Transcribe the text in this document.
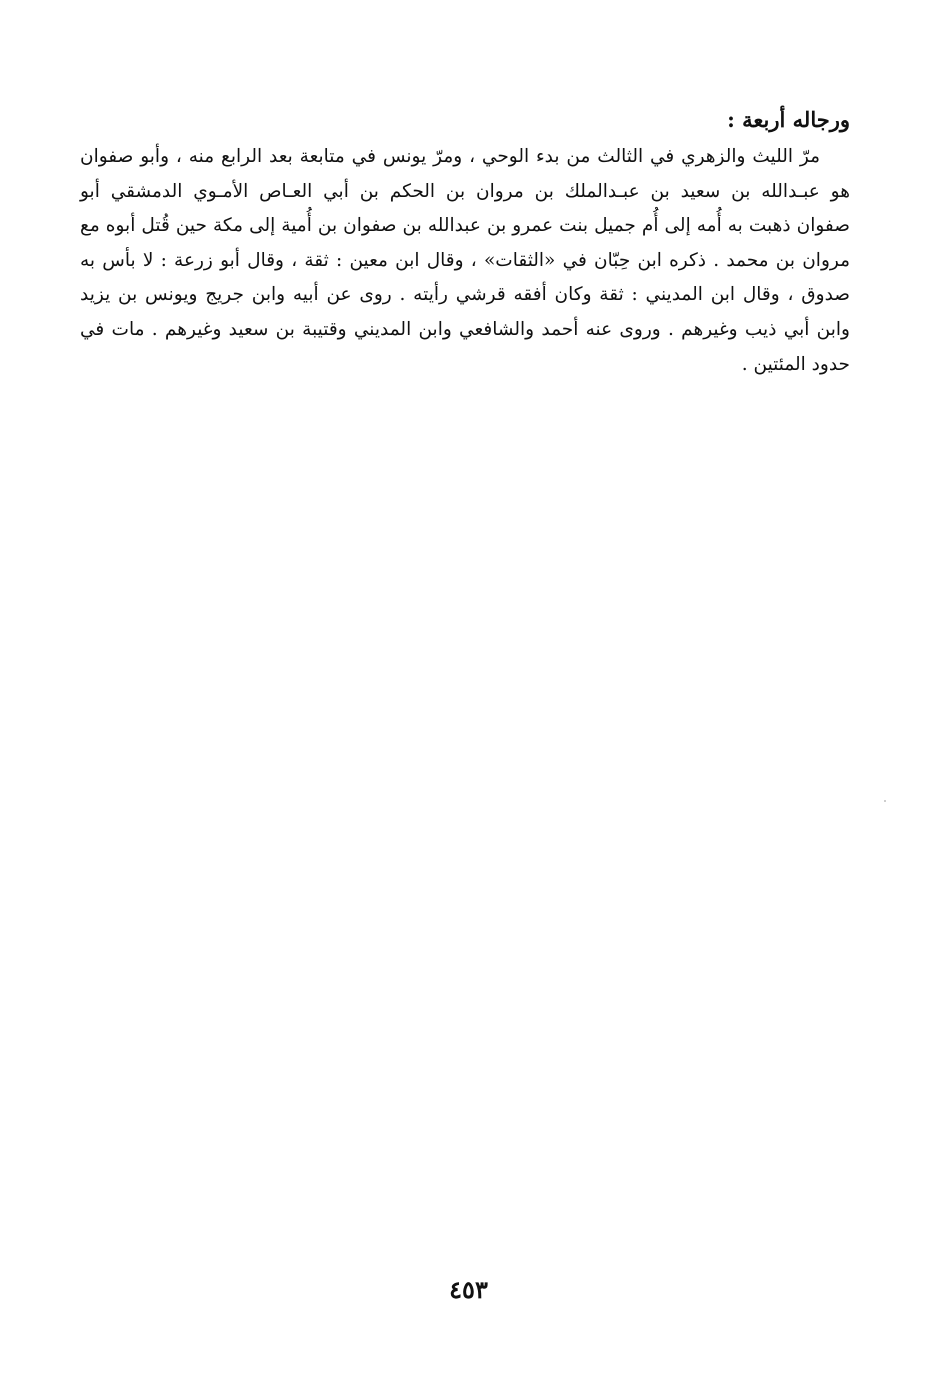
ورجاله أربعة :

مرّ الليث والزهري في الثالث من بدء الوحي ، ومرّ يونس في متابعة بعد الرابع منه ، وأبو صفوان

هو عبـدالله بن سعيد بن عبـدالملك بن مروان بن الحكم بن أبي العـاص الأمـوي الدمشقي أبو

صفوان ذهبت به أُمه إلى أُم جميل بنت عمرو بن عبدالله بن صفوان بن أُمية إلى مكة حين قُتل أبوه مع

مروان بن محمد . ذكره ابن حِبّان في «الثقات» ، وقال ابن معين : ثقة ، وقال أبو زرعة : لا بأس به

صدوق ، وقال ابن المديني : ثقة وكان أفقه قرشي رأيته . روى عن أبيه وابن جريج ويونس بن يزيد

وابن أبي ذيب وغيرهم . وروى عنه أحمد والشافعي وابن المديني وقتيبة بن سعيد وغيرهم . مات في

حدود المئتين .

٤٥٣
